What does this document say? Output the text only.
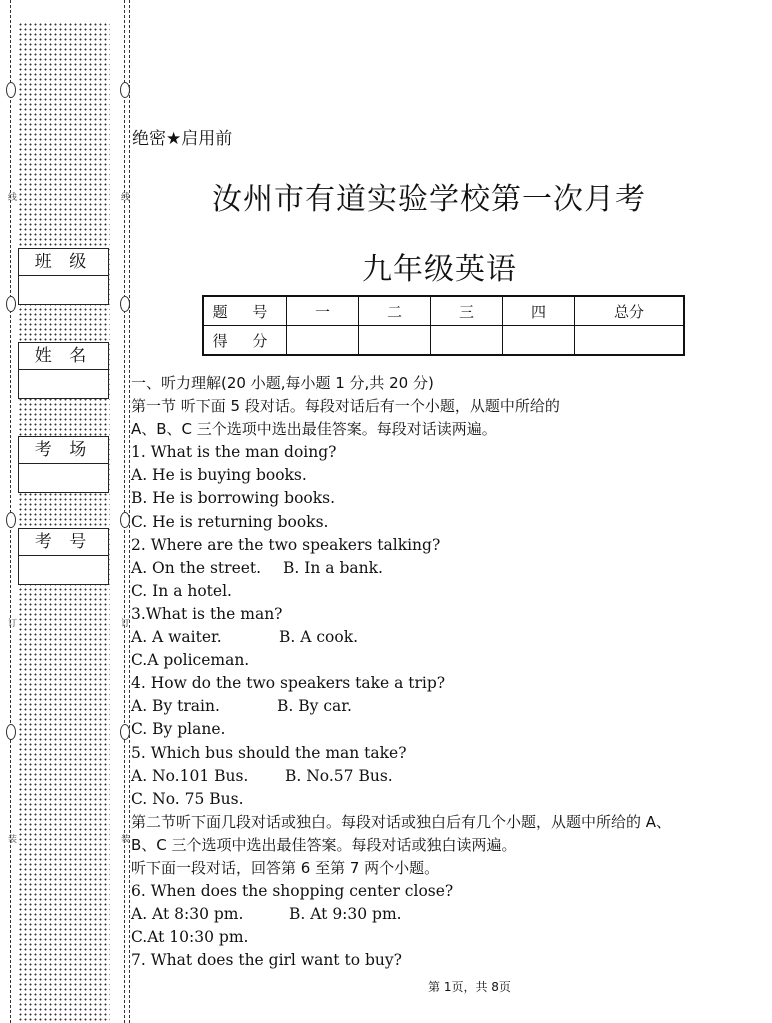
线	线
订	订
装	装
班 级
姓 名
考 场
考 号
绝密★启用前
汝州市有道实验学校第一次月考
九年级英语
题 号	一	二	三	四	总分
得 分					
一、听力理解(20 小题,每小题 1 分,共 20 分)
第一节 听下面 5 段对话。每段对话后有一个小题，从题中所给的
A、B、C 三个选项中选出最佳答案。每段对话读两遍。
1. What is the man doing?
A. He is buying books.
B. He is borrowing books.
C. He is returning books.
2. Where are the two speakers talking?
A. On the street. B. In a bank.
C. In a hotel.
3.What is the man?
A. A waiter.	B. A cook.
C.A policeman.
4. How do the two speakers take a trip?
A. By train.	B. By car.
C. By plane.
5. Which bus should the man take?
A. No.101 Bus. B. No.57 Bus.
C. No. 75 Bus.
第二节听下面几段对话或独白。每段对话或独白后有几个小题，从题中所给的 A、
B、C 三个选项中选出最佳答案。每段对话或独白读两遍。
听下面一段对话，回答第 6 至第 7 两个小题。
6. When does the shopping center close?
A. At 8:30 pm.	B. At 9:30 pm.
C.At 10:30 pm.
7. What does the girl want to buy?
第 1页，共 8页
